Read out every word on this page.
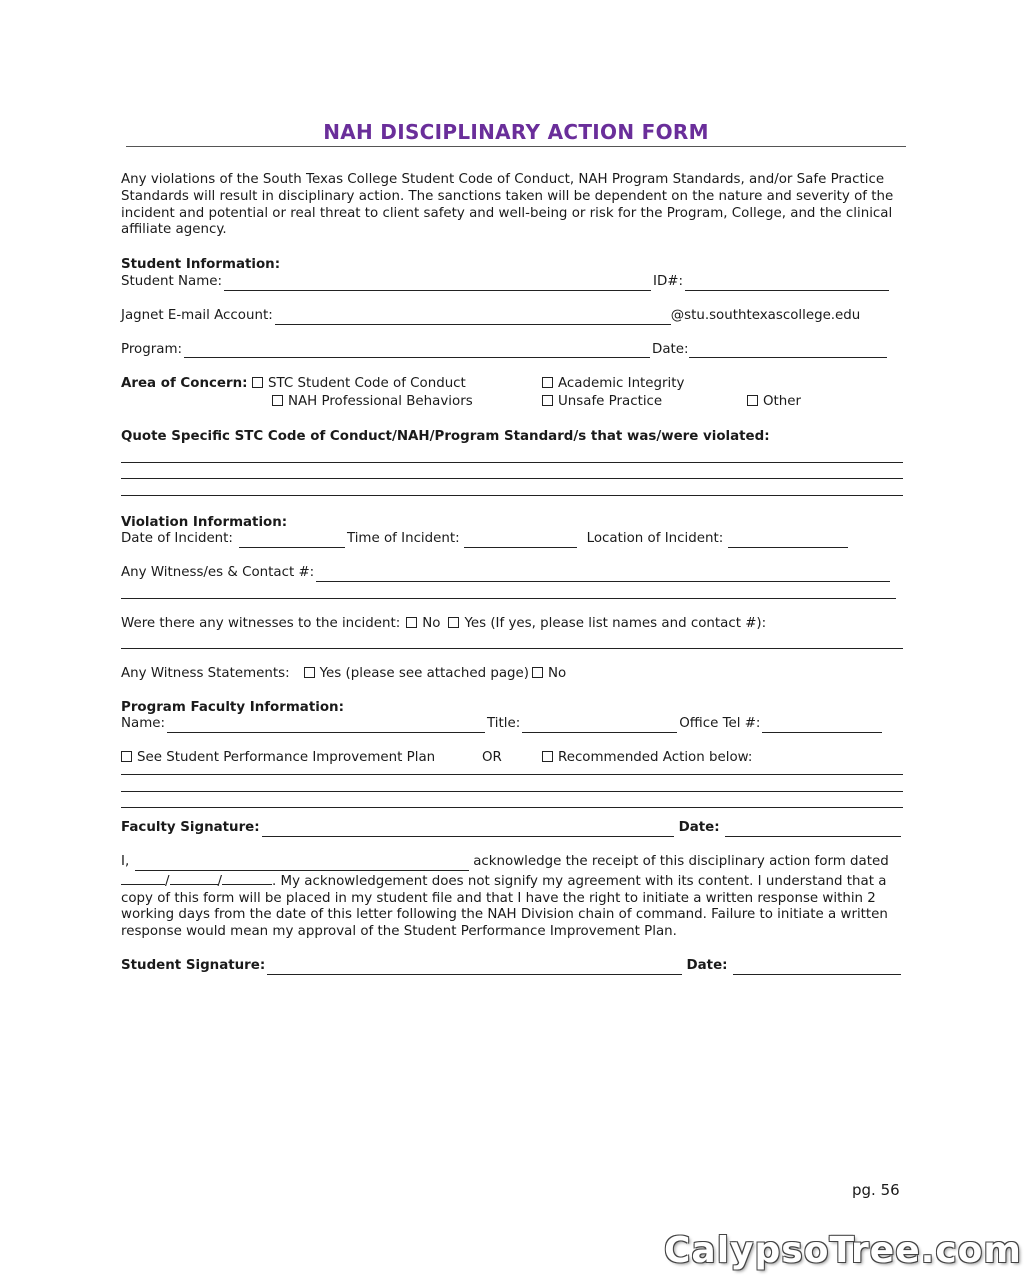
NAH DISCIPLINARY ACTION FORM

Any violations of the South Texas College Student Code of Conduct, NAH Program Standards, and/or Safe Practice Standards will result in disciplinary action. The sanctions taken will be dependent on the nature and severity of the incident and potential or real threat to client safety and well-being or risk for the Program, College, and the clinical affiliate agency.

Student Information:
Student Name:	ID#:
Jagnet E-mail Account:	@stu.southtexascollege.edu
Program:	Date:
Area of Concern:	STC Student Code of Conduct	Academic Integrity
NAH Professional Behaviors	Unsafe Practice	Other
Quote Specific STC Code of Conduct/NAH/Program Standard/s that was/were violated:
Violation Information:
Date of Incident:	Time of Incident:	Location of Incident:
Any Witness/es & Contact #:
Were there any witnesses to the incident:	No	Yes (If yes, please list names and contact #):
Any Witness Statements:	Yes (please see attached page)	No
Program Faculty Information:
Name:	Title:	Office Tel #:
See Student Performance Improvement Plan	OR	Recommended Action below:
Faculty Signature:	Date:
I,	acknowledge the receipt of this disciplinary action form dated

/	/	. My acknowledgement does not signify my agreement with its content. I understand that a copy of this form will be placed in my student file and that I have the right to initiate a written response within 2 working days from the date of this letter following the NAH Division chain of command. Failure to initiate a written response would mean my approval of the Student Performance Improvement Plan.

Student Signature:	Date:
pg. 56
CalypsoTree.com
